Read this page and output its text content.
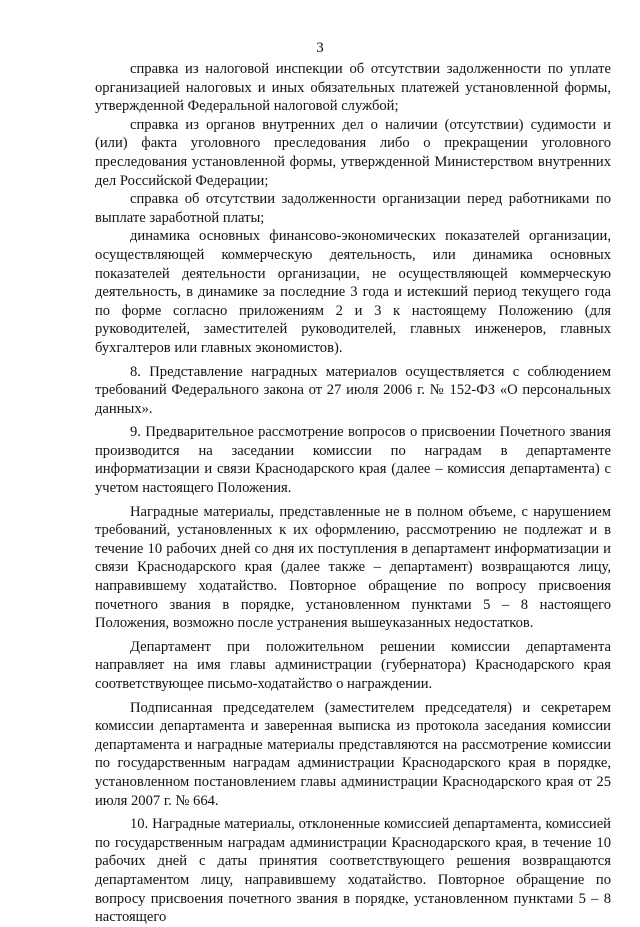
3

справка из налоговой инспекции об отсутствии задолженности по уплате организацией налоговых и иных обязательных платежей установленной формы, утвержденной Федеральной налоговой службой;

справка из органов внутренних дел о наличии (отсутствии) судимости и (или) факта уголовного преследования либо о прекращении уголовного преследования установленной формы, утвержденной Министерством внутренних дел Российской Федерации;

справка об отсутствии задолженности организации перед работниками по выплате заработной платы;

динамика основных финансово-экономических показателей организации, осуществляющей коммерческую деятельность, или динамика основных показателей деятельности организации, не осуществляющей коммерческую деятельность, в динамике за последние 3 года и истекший период текущего года по форме согласно приложениям 2 и 3 к настоящему Положению (для руководителей, заместителей руководителей, главных инженеров, главных бухгалтеров или главных экономистов).

8. Представление наградных материалов осуществляется с соблюдением требований Федерального закона от 27 июля 2006 г. № 152-ФЗ «О персональных данных».

9. Предварительное рассмотрение вопросов о присвоении Почетного звания производится на заседании комиссии по наградам в департаменте информатизации и связи Краснодарского края (далее – комиссия департамента) с учетом настоящего Положения.

Наградные материалы, представленные не в полном объеме, с нарушением требований, установленных к их оформлению, рассмотрению не подлежат и в течение 10 рабочих дней со дня их поступления в департамент информатизации и связи Краснодарского края (далее также – департамент) возвращаются лицу, направившему ходатайство. Повторное обращение по вопросу присвоения почетного звания в порядке, установленном пунктами 5 – 8 настоящего Положения, возможно после устранения вышеуказанных недостатков.

Департамент при положительном решении комиссии департамента направляет на имя главы администрации (губернатора) Краснодарского края соответствующее письмо-ходатайство о награждении.

Подписанная председателем (заместителем председателя) и секретарем комиссии департамента и заверенная выписка из протокола заседания комиссии департамента и наградные материалы представляются на рассмотрение комиссии по государственным наградам администрации Краснодарского края в порядке, установленном постановлением главы администрации Краснодарского края от 25 июля 2007 г. № 664.

10. Наградные материалы, отклоненные комиссией департамента, комиссией по государственным наградам администрации Краснодарского края, в течение 10 рабочих дней с даты принятия соответствующего решения возвращаются департаментом лицу, направившему ходатайство. Повторное обращение по вопросу присвоения почетного звания в порядке, установленном пунктами 5 – 8 настоящего
